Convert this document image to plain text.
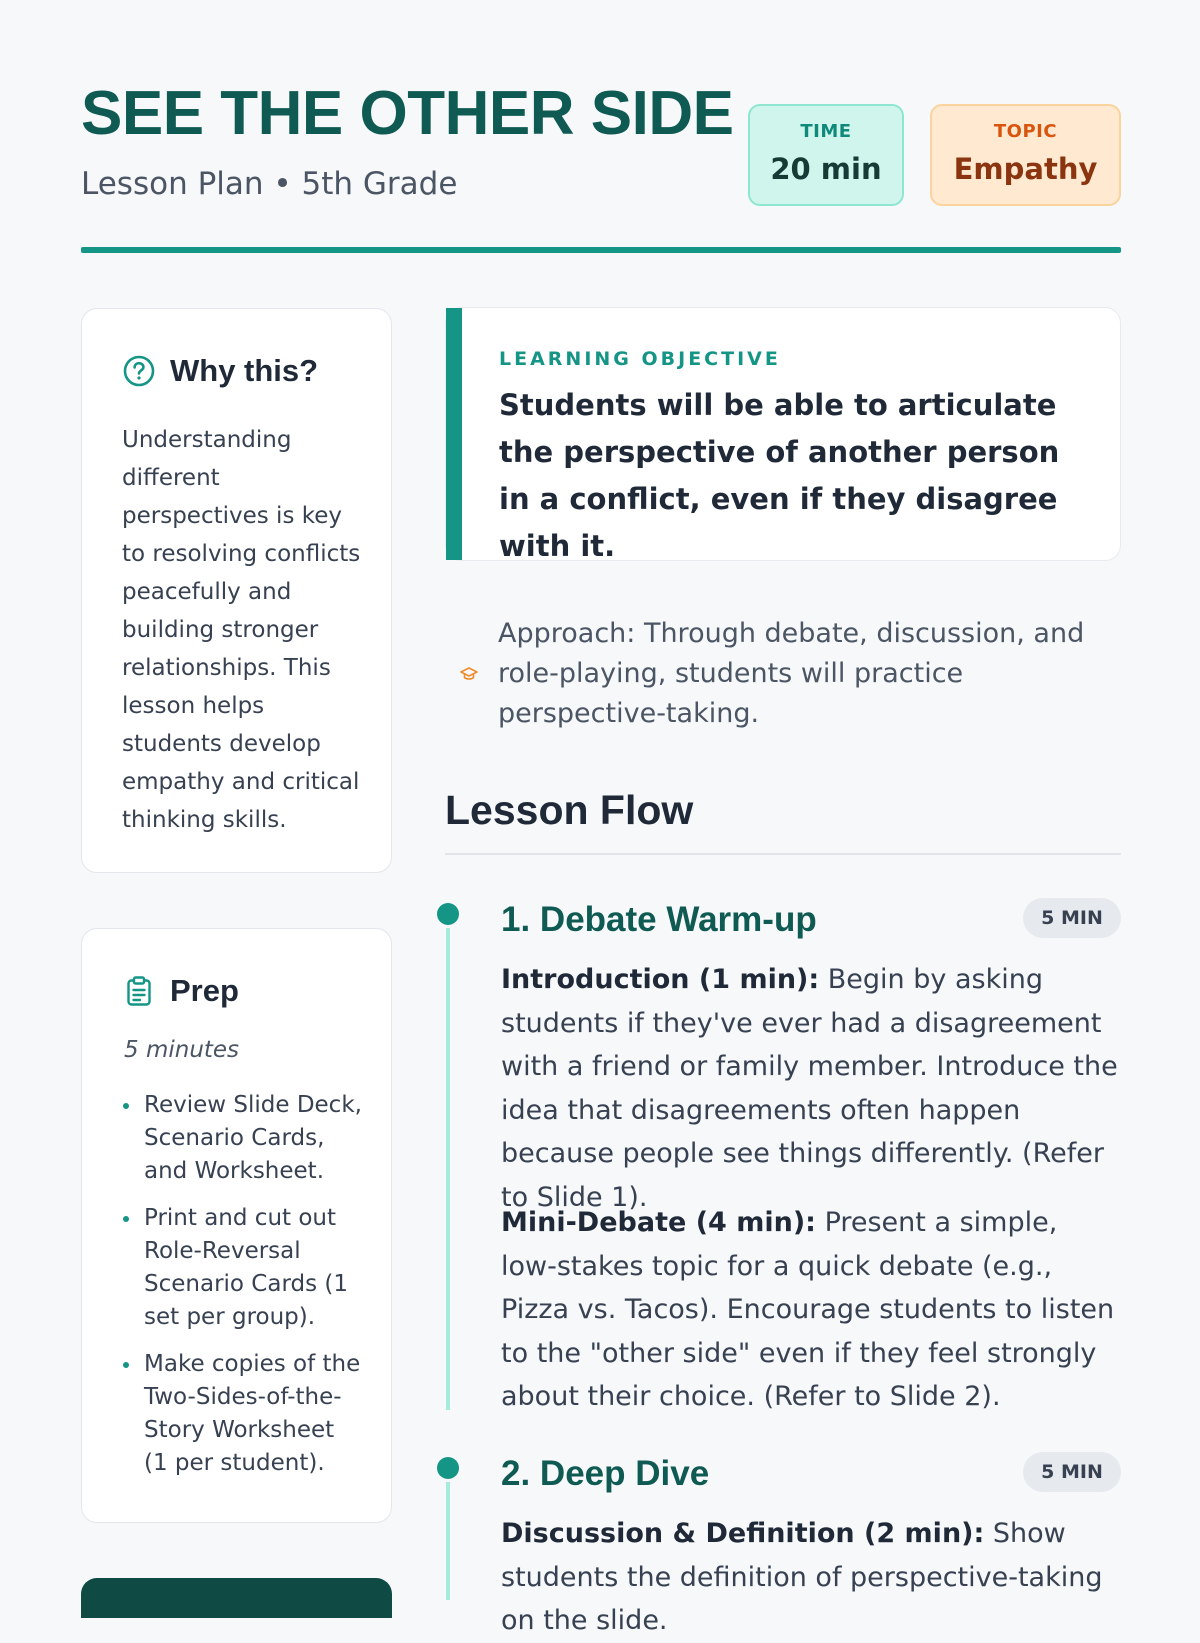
SEE THE OTHER SIDE
Lesson Plan • 5th Grade
TIME
20 min
TOPIC
Empathy
Why this?
Understanding different perspectives is key to resolving conflicts peacefully and building stronger relationships. This lesson helps students develop empathy and critical thinking skills.
Prep
5 minutes
Review Slide Deck, Scenario Cards, and Worksheet.
Print and cut out Role-Reversal Scenario Cards (1 set per group).
Make copies of the Two-Sides-of-the-Story Worksheet (1 per student).
LEARNING OBJECTIVE
Students will be able to articulate the perspective of another person in a conflict, even if they disagree with it.
Approach: Through debate, discussion, and role-playing, students will practice perspective-taking.
Lesson Flow
1. Debate Warm-up	5 MIN
Introduction (1 min): Begin by asking students if they've ever had a disagreement with a friend or family member. Introduce the idea that disagreements often happen because people see things differently. (Refer to Slide 1).
Mini-Debate (4 min): Present a simple, low-stakes topic for a quick debate (e.g., Pizza vs. Tacos). Encourage students to listen to the "other side" even if they feel strongly about their choice. (Refer to Slide 2).
2. Deep Dive	5 MIN
Discussion & Definition (2 min): Show students the definition of perspective-taking on the slide.
